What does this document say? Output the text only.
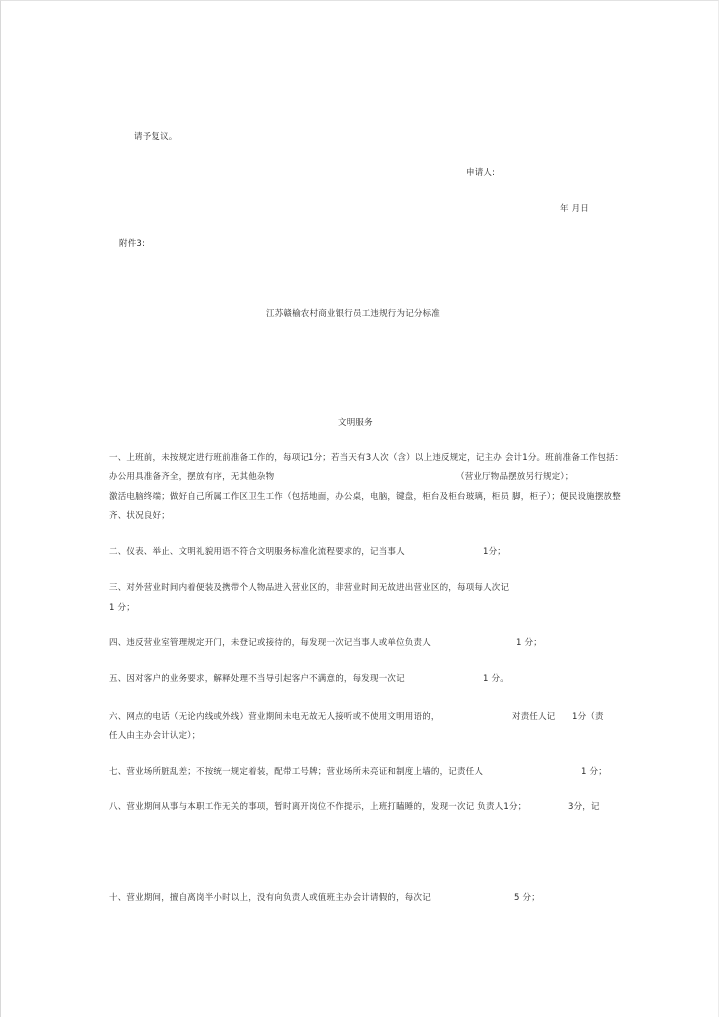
请予复议。
申请人:
年 月日
附件3:
江苏赣榆农村商业银行员工违规行为记分标准
文明服务
一、上班前，未按规定进行班前准备工作的，每项记
1分；若当天有3人次（含）以上违反规定，记主办 会计1分。班前准备工作包括：
办公用具准备齐全，摆放有序，无其他杂物	（营业厅物品摆放另行规定）；
激活电脑终端；做好自己所属工作区卫生工作（包括地面，办公桌，电脑，键盘，柜台及柜台玻璃，柜员 脚，柜子）；便民设施摆放整
齐、状况良好；
二、仪表、举止、文明礼貌用语不符合文明服务标准化流程要求的，记当事人	1分；
三、对外营业时间内着便装及携带个人物品进入营业区的，非营业时间无故进出营业区的，每项每人次记
1 分；
四、违反营业室管理规定开门，未登记或接待的，每发现一次记当事人或单位负责人	1 分；
五、因对客户的业务要求，解释处理不当导引起客户不满意的，每发现一次记	1 分。
六、网点的电话（无论内线或外线）营业期间未电无故无人接听或不使用文明用语的，	对责任人记 1分（责
任人由主办会计认定）；
七、营业场所脏乱差；不按统一规定着装，配带工号牌；营业场所未亮证和制度上墙的，记责任人	1 分；
八、营业期间从事与本职工作无关的事项，暂时离开岗位不作提示，上班打瞌睡的，发现一次记 负责人1分；	3分，记
十、营业期间，擅自离岗半小时以上，没有向负责人或值班主办会计请假的，每次记	5 分；
